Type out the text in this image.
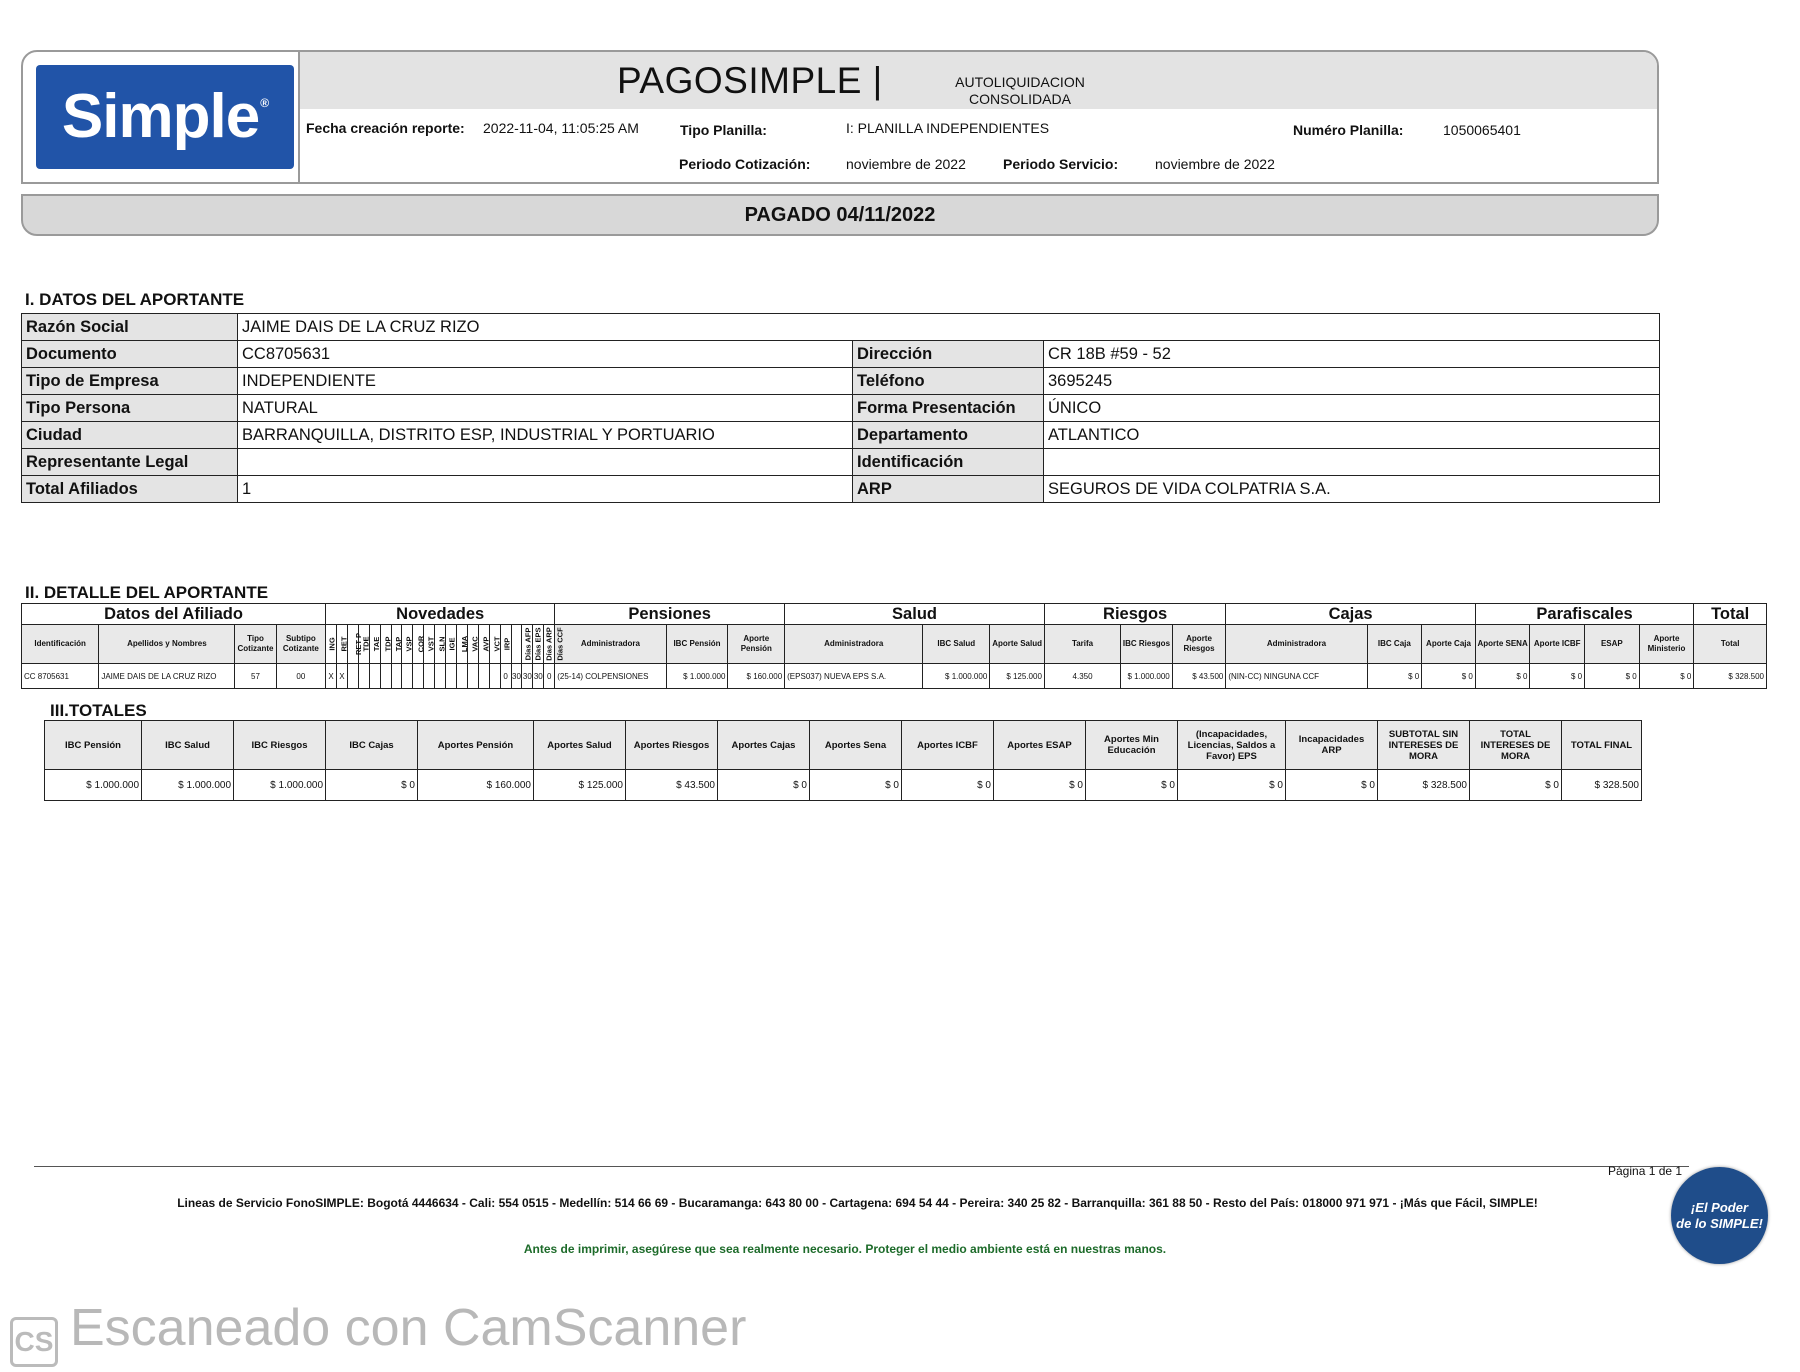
Simple®
PAGOSIMPLE |	AUTOLIQUIDACION
CONSOLIDADA
Fecha creación reporte: 2022-11-04, 11:05:25 AM	Tipo Planilla:	I: PLANILLA INDEPENDIENTES	Numéro Planilla:	1050065401
Periodo Cotización:	noviembre de 2022	Periodo Servicio:	noviembre de 2022
PAGADO 04/11/2022
I. DATOS DEL APORTANTE
Razón Social	JAIME DAIS DE LA CRUZ RIZO		
Documento	CC8705631	Dirección	CR 18B #59 - 52
Tipo de Empresa	INDEPENDIENTE	Teléfono	3695245
Tipo Persona	NATURAL	Forma Presentación	ÚNICO
Ciudad	BARRANQUILLA, DISTRITO ESP, INDUSTRIAL Y PORTUARIO	Departamento	ATLANTICO
Representante Legal		Identificación	
Total Afiliados	1	ARP	SEGUROS DE VIDA COLPATRIA S.A.
II. DETALLE DEL APORTANTE
Datos del Afiliado				Novedades																					Pensiones			Salud			Riesgos			Cajas			Parafiscales				Total
Identificación	Apellidos y Nombres	Tipo Cotizante	Subtipo Cotizante	ING	RET	RET P	TDE	TAE	TDP	TAP	VSP	COR	VST	SLN	IGE	LMA	VAC	AVP	VCT	IRP	Días AFP	Días EPS	Días ARP	Días CCF	Administradora	IBC Pensión	Aporte Pensión	Administradora	IBC Salud	Aporte Salud	Tarifa	IBC Riesgos	Aporte Riesgos	Administradora	IBC Caja	Aporte Caja	Aporte SENA	Aporte ICBF	ESAP	Aporte Ministerio	Total
CC 8705631	JAIME DAIS DE LA CRUZ RIZO	57	00	X	X															0	30	30	30	0	(25-14) COLPENSIONES	$ 1.000.000	$ 160.000	(EPS037) NUEVA EPS S.A.	$ 1.000.000	$ 125.000	4.350	$ 1.000.000	$ 43.500	(NIN-CC) NINGUNA CCF	$ 0	$ 0	$ 0	$ 0	$ 0	$ 0	$ 328.500
III.TOTALES
IBC Pensión	IBC Salud	IBC Riesgos	IBC Cajas	Aportes Pensión	Aportes Salud	Aportes Riesgos	Aportes Cajas	Aportes Sena	Aportes ICBF	Aportes ESAP	Aportes Min Educación	(Incapacidades, Licencias, Saldos a Favor) EPS	Incapacidades ARP	SUBTOTAL SIN INTERESES DE MORA	TOTAL INTERESES DE MORA	TOTAL FINAL
$ 1.000.000	$ 1.000.000	$ 1.000.000	$ 0	$ 160.000	$ 125.000	$ 43.500	$ 0	$ 0	$ 0	$ 0	$ 0	$ 0	$ 0	$ 328.500	$ 0	$ 328.500
Página 1 de 1
Lineas de Servicio FonoSIMPLE: Bogotá 4446634 - Cali: 554 0515 - Medellín: 514 66 69 - Bucaramanga: 643 80 00 - Cartagena: 694 54 44 - Pereira: 340 25 82 - Barranquilla: 361 88 50 - Resto del País: 018000 971 971 - ¡Más que Fácil, SIMPLE!
Antes de imprimir, asegúrese que sea realmente necesario. Proteger el medio ambiente está en nuestras manos.
¡El Poder
de lo SIMPLE!
CS Escaneado con CamScanner
